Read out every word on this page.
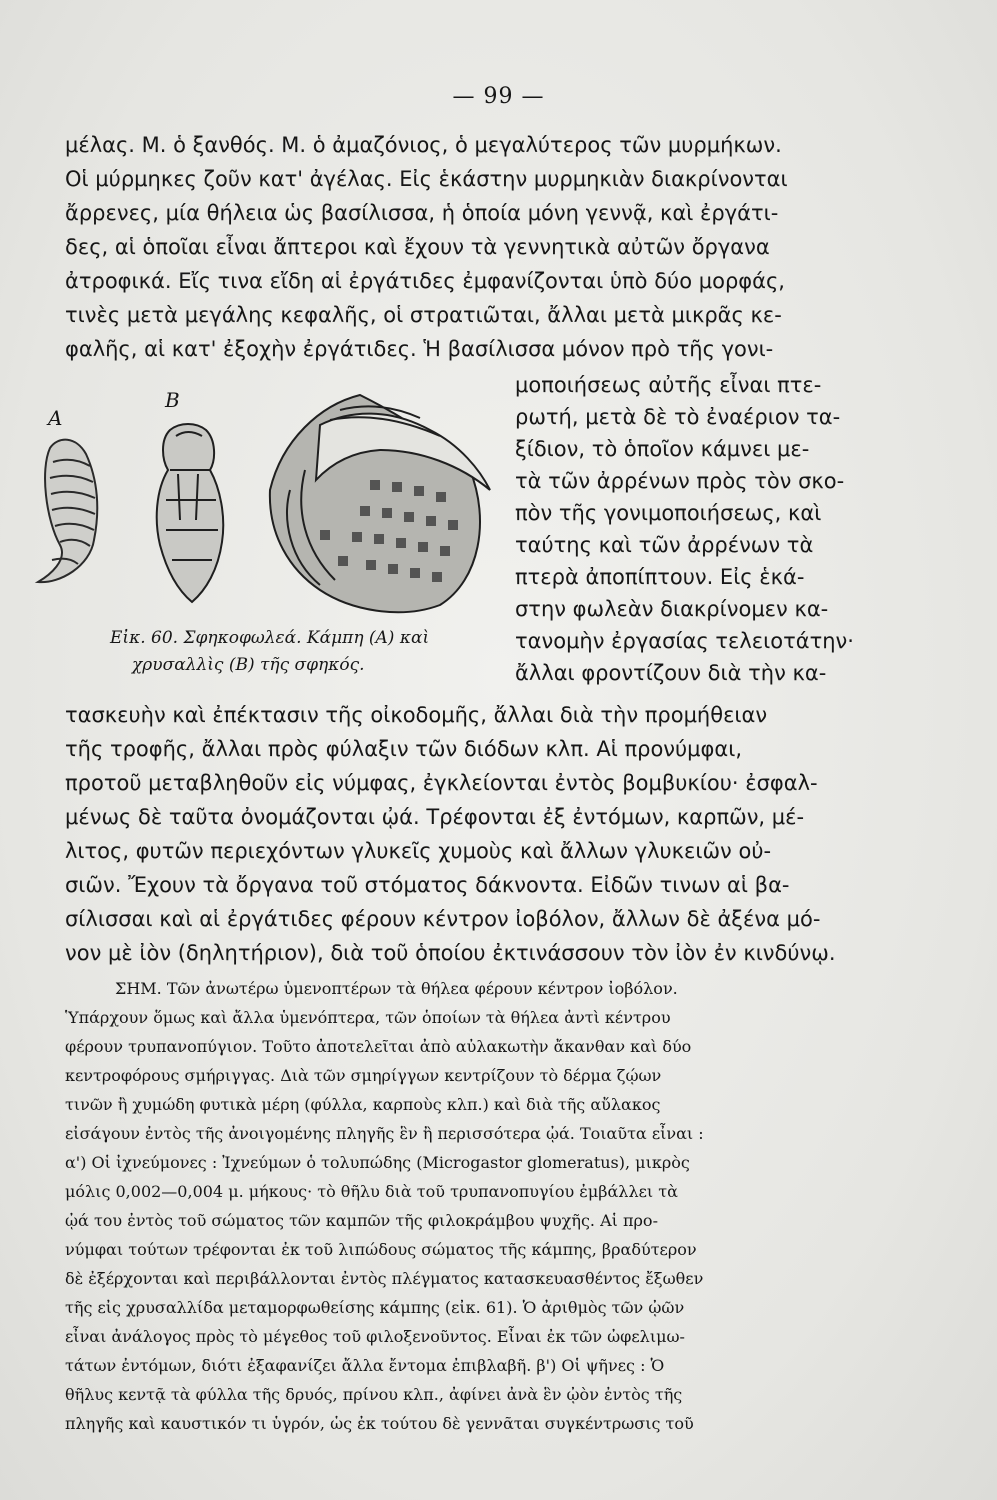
— 99 —
μέλας. Μ. ὁ ξανθός. Μ. ὁ ἀμαζόνιος, ὁ μεγαλύτερος τῶν μυρμήκων.
Οἱ μύρμηκες ζοῦν κατ' ἀγέλας. Εἰς ἑκάστην μυρμηκιὰν διακρίνονται
ἄρρενες, μία θήλεια ὡς βασίλισσα, ἡ ὁποία μόνη γεννᾷ, καὶ ἐργάτι-
δες, αἱ ὁποῖαι εἶναι ἄπτεροι καὶ ἔχουν τὰ γεννητικὰ αὐτῶν ὄργανα
ἀτροφικά. Εἴς τινα εἴδη αἱ ἐργάτιδες ἐμφανίζονται ὑπὸ δύο μορφάς,
τινὲς μετὰ μεγάλης κεφαλῆς, οἱ στρατιῶται, ἄλλαι μετὰ μικρᾶς κε-
φαλῆς, αἱ κατ' ἐξοχὴν ἐργάτιδες. Ἡ βασίλισσα μόνον πρὸ τῆς γονι-
μοποιήσεως αὐτῆς εἶναι πτε-
ρωτή, μετὰ δὲ τὸ ἐναέριον τα-
ξίδιον, τὸ ὁποῖον κάμνει με-
τὰ τῶν ἀρρένων πρὸς τὸν σκο-
πὸν τῆς γονιμοποιήσεως, καὶ
ταύτης καὶ τῶν ἀρρένων τὰ
πτερὰ ἀποπίπτουν. Εἰς ἑκά-
στην φωλεὰν διακρίνομεν κα-
τανομὴν ἐργασίας τελειοτάτην·
ἄλλαι φροντίζουν διὰ τὴν κα-
A
B
Εἰκ. 60. Σφηκοφωλεά. Κάμπη (Α) καὶ
χρυσαλλὶς (Β) τῆς σφηκός.
τασκευὴν καὶ ἐπέκτασιν τῆς οἰκοδομῆς, ἄλλαι διὰ τὴν προμήθειαν
τῆς τροφῆς, ἄλλαι πρὸς φύλαξιν τῶν διόδων κλπ. Αἱ προνύμφαι,
προτοῦ μεταβληθοῦν εἰς νύμφας, ἐγκλείονται ἐντὸς βομβυκίου· ἐσφαλ-
μένως δὲ ταῦτα ὀνομάζονται ᾠά. Τρέφονται ἐξ ἐντόμων, καρπῶν, μέ-
λιτος, φυτῶν περιεχόντων γλυκεῖς χυμοὺς καὶ ἄλλων γλυκειῶν οὐ-
σιῶν. Ἔχουν τὰ ὄργανα τοῦ στόματος δάκνοντα. Εἰδῶν τινων αἱ βα-
σίλισσαι καὶ αἱ ἐργάτιδες φέρουν κέντρον ἰοβόλον, ἄλλων δὲ ἀξένα μό-
νον μὲ ἰὸν (δηλητήριον), διὰ τοῦ ὁποίου ἐκτινάσσουν τὸν ἰὸν ἐν κινδύνῳ.
ΣΗΜ. Τῶν ἀνωτέρω ὑμενοπτέρων τὰ θήλεα φέρουν κέντρον ἰοβόλον.
Ὑπάρχουν ὅμως καὶ ἄλλα ὑμενόπτερα, τῶν ὁποίων τὰ θήλεα ἀντὶ κέντρου
φέρουν τρυπανοπύγιον. Τοῦτο ἀποτελεῖται ἀπὸ αὐλακωτὴν ἄκανθαν καὶ δύο
κεντροφόρους σμήριγγας. Διὰ τῶν σμηρίγγων κεντρίζουν τὸ δέρμα ζῴων
τινῶν ἢ χυμώδη φυτικὰ μέρη (φύλλα, καρποὺς κλπ.) καὶ διὰ τῆς αὔλακος
εἰσάγουν ἐντὸς τῆς ἀνοιγομένης πληγῆς ἓν ἢ περισσότερα ᾠά. Τοιαῦτα εἶναι :
α') Οἱ ἰχνεύμονες : Ἰχνεύμων ὁ τολυπώδης (Microgastor glomeratus), μικρὸς
μόλις 0,002—0,004 μ. μήκους· τὸ θῆλυ διὰ τοῦ τρυπανοπυγίου ἐμβάλλει τὰ
ᾠά του ἐντὸς τοῦ σώματος τῶν καμπῶν τῆς φιλοκράμβου ψυχῆς. Αἱ προ-
νύμφαι τούτων τρέφονται ἐκ τοῦ λιπώδους σώματος τῆς κάμπης, βραδύτερον
δὲ ἐξέρχονται καὶ περιβάλλονται ἐντὸς πλέγματος κατασκευασθέντος ἔξωθεν
τῆς εἰς χρυσαλλίδα μεταμορφωθείσης κάμπης (εἰκ. 61). Ὁ ἀριθμὸς τῶν ᾠῶν
εἶναι ἀνάλογος πρὸς τὸ μέγεθος τοῦ φιλοξενοῦντος. Εἶναι ἐκ τῶν ὠφελιμω-
τάτων ἐντόμων, διότι ἐξαφανίζει ἄλλα ἔντομα ἐπιβλαβῆ. β') Οἱ ψῆνες : Ὁ
θῆλυς κεντᾷ τὰ φύλλα τῆς δρυός, πρίνου κλπ., ἀφίνει ἀνὰ ἓν ᾠὸν ἐντὸς τῆς
πληγῆς καὶ καυστικόν τι ὑγρόν, ὡς ἐκ τούτου δὲ γεννᾶται συγκέντρωσις τοῦ
